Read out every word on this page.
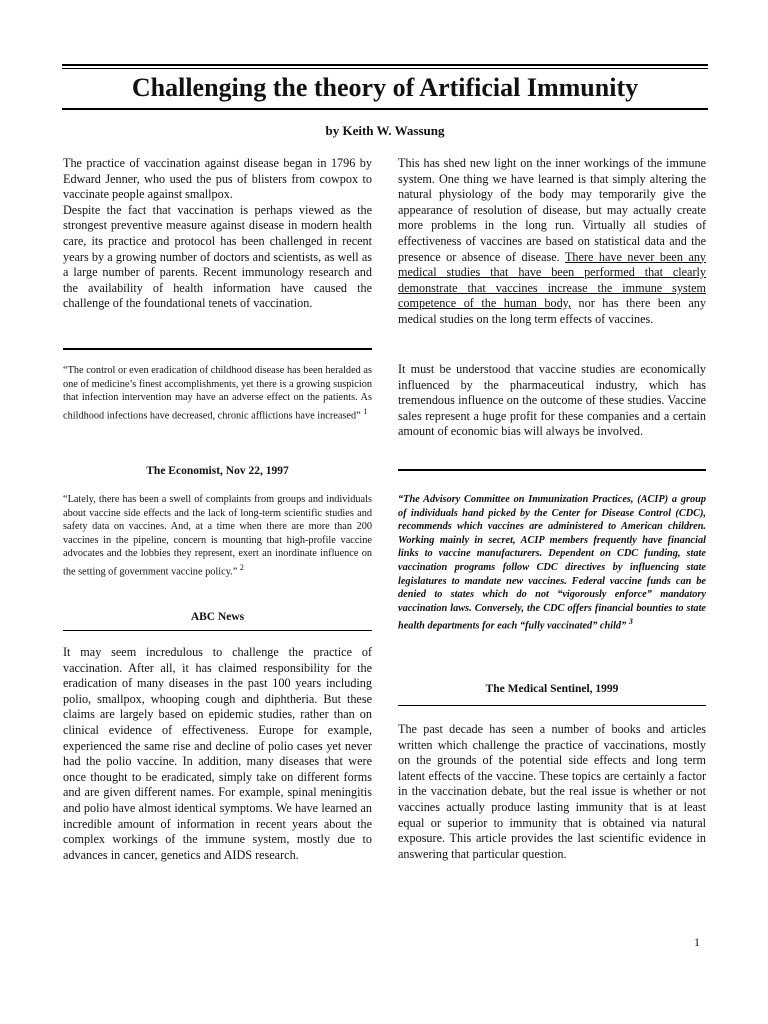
Challenging the theory of Artificial Immunity
by Keith W. Wassung

The practice of vaccination against disease began in 1796 by Edward Jenner, who used the pus of blisters from cowpox to vaccinate people against smallpox.

Despite the fact that vaccination is perhaps viewed as the strongest preventive measure against disease in modern health care, its practice and protocol has been challenged in recent years by a growing number of doctors and scientists, as well as a large number of parents. Recent immunology research and the availability of health information have caused the challenge of the foundational tenets of vaccination.

“The control or even eradication of childhood disease has been heralded as one of medicine’s finest accomplishments, yet there is a growing suspicion that infection intervention may have an adverse effect on the patients. As childhood infections have decreased, chronic afflictions have increased” $^1$
The Economist, Nov 22, 1997
“Lately, there has been a swell of complaints from groups and individuals about vaccine side effects and the lack of long-term scientific studies and safety data on vaccines. And, at a time when there are more than 200 vaccines in the pipeline, concern is mounting that high-profile vaccine advocates and the lobbies they represent, exert an inordinate influence on the setting of government vaccine policy.” $^2$
ABC News

It may seem incredulous to challenge the practice of vaccination. After all, it has claimed responsibility for the eradication of many diseases in the past 100 years including polio, smallpox, whooping cough and diphtheria. But these claims are largely based on epidemic studies, rather than on clinical evidence of effectiveness. Europe for example, experienced the same rise and decline of polio cases yet never had the polio vaccine. In addition, many diseases that were once thought to be eradicated, simply take on different forms and are given different names. For example, spinal meningitis and polio have almost identical symptoms. We have learned an incredible amount of information in recent years about the complex workings of the immune system, mostly due to advances in cancer, genetics and AIDS research.

This has shed new light on the inner workings of the immune system. One thing we have learned is that simply altering the natural physiology of the body may temporarily give the appearance of resolution of disease, but may actually create more problems in the long run. Virtually all studies of effectiveness of vaccines are based on statistical data and the presence or absence of disease. There have never been any medical studies that have been performed that clearly demonstrate that vaccines increase the immune system competence of the human body, nor has there been any medical studies on the long term effects of vaccines.

It must be understood that vaccine studies are economically influenced by the pharmaceutical industry, which has tremendous influence on the outcome of these studies. Vaccine sales represent a huge profit for these companies and a certain amount of economic bias will always be involved.

“The Advisory Committee on Immunization Practices, (ACIP) a group of individuals hand picked by the Center for Disease Control (CDC), recommends which vaccines are administered to American children. Working mainly in secret, ACIP members frequently have financial links to vaccine manufacturers. Dependent on CDC funding, state vaccination programs follow CDC directives by influencing state legislatures to mandate new vaccines. Federal vaccine funds can be denied to states which do not “vigorously enforce” mandatory vaccination laws. Conversely, the CDC offers financial bounties to state health departments for each “fully vaccinated” child” $^3$
The Medical Sentinel, 1999

The past decade has seen a number of books and articles written which challenge the practice of vaccinations, mostly on the grounds of the potential side effects and long term latent effects of the vaccine. These topics are certainly a factor in the vaccination debate, but the real issue is whether or not vaccines actually produce lasting immunity that is at least equal or superior to immunity that is obtained via natural exposure. This article provides the last scientific evidence in answering that particular question.

1
